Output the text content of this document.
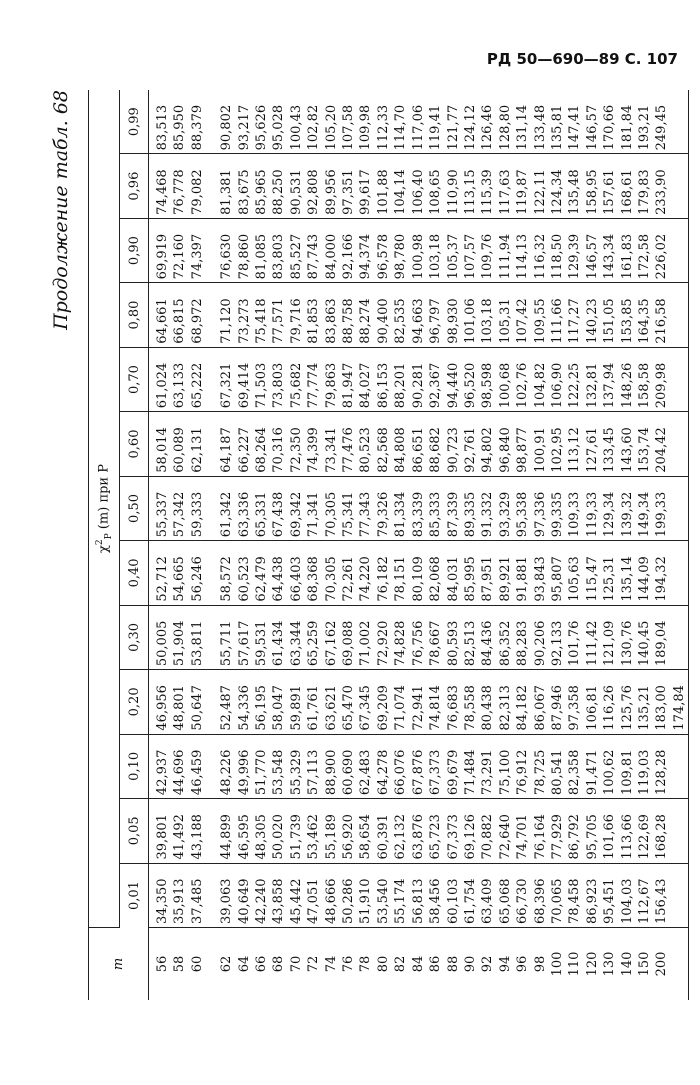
РД 50—690—89 С. 107
Продолжение табл. 68
m	$\chi^2_P$ (m) при P												
	0,01	0,05	0,10	0,20	0,30	0,40	0,50	0,60	0,70	0,80	0,90	0,96	0,99
56	34,350	39,801	42,937	46,956	50,005	52,712	55,337	58,014	61,024	64,661	69,919	74,468	83,513
58	35,913	41,492	44,696	48,801	51,904	54,665	57,342	60,089	63,133	66,815	72,160	76,778	85,950
60	37,485	43,188	46,459	50,647	53,811	56,246	59,333	62,131	65,222	68,972	74,397	79,082	88,379

62	39,063	44,899	48,226	52,487	55,711	58,572	61,342	64,187	67,321	71,120	76,630	81,381	90,802
64	40,649	46,595	49,996	54,336	57,617	60,523	63,336	66,227	69,414	73,273	78,860	83,675	93,217
66	42,240	48,305	51,770	56,195	59,531	62,479	65,331	68,264	71,503	75,418	81,085	85,965	95,626
68	43,858	50,020	53,548	58,047	61,434	64,438	67,438	70,316	73,803	77,571	83,803	88,250	95,028
70	45,442	51,739	55,329	59,891	63,344	66,403	69,342	72,350	75,682	79,716	85,527	90,531	100,43
72	47,051	53,462	57,113	61,761	65,259	68,368	71,341	74,399	77,774	81,853	87,743	92,808	102,82
74	48,666	55,189	88,900	63,621	67,162	70,305	70,305	73,341	79,863	83,863	84,000	89,956	105,20
76	50,286	56,920	60,690	65,470	69,088	72,261	75,341	77,476	81,947	88,758	92,166	97,351	107,58
78	51,910	58,654	62,483	67,345	71,002	74,220	77,343	80,523	84,027	88,274	94,374	99,617	109,98
80	53,540	60,391	64,278	69,209	72,920	76,182	79,326	82,568	86,153	90,400	96,578	101,88	112,33
82	55,174	62,132	66,076	71,074	74,828	78,151	81,334	84,808	88,201	82,535	98,780	104,14	114,70
84	56,813	63,876	67,876	72,941	76,756	80,109	83,339	86,651	90,281	94,663	100,98	106,40	117,06
86	58,456	65,723	67,373	74,814	78,667	82,068	85,333	88,682	92,367	96,797	103,18	108,65	119,41
88	60,103	67,373	69,679	76,683	80,593	84,031	87,339	90,723	94,440	98,930	105,37	110,90	121,77
90	61,754	69,126	71,484	78,558	82,513	85,995	89,335	92,761	96,520	101,06	107,57	113,15	124,12
92	63,409	70,882	73,291	80,438	84,436	87,951	91,332	94,802	98,598	103,18	109,76	115,39	126,46
94	65,068	72,640	75,100	82,313	86,352	89,921	93,329	96,840	100,68	105,31	111,94	117,63	128,80
96	66,730	74,701	76,912	84,182	88,283	91,881	95,338	98,877	102,76	107,42	114,13	119,87	131,14
98	68,396	76,164	78,725	86,067	90,206	93,843	97,336	100,91	104,82	109,55	116,32	122,11	133,48
100	70,065	77,929	80,541	87,946	92,133	95,807	99,335	102,95	106,90	111,66	118,50	124,34	135,81
110	78,458	86,792	82,358	97,358	101,76	105,63	109,33	113,12	122,25	117,27	129,39	135,48	147,41
120	86,923	95,705	91,471	106,81	111,42	115,47	119,33	127,61	132,81	140,23	146,57	158,95	146,57
130	95,451	101,66	100,62	116,26	121,09	125,31	129,34	133,45	137,94	151,05	143,34	157,61	170,66
140	104,03	113,66	109,81	125,76	130,76	135,14	139,32	143,60	148,26	153,85	161,83	168,61	181,84
150	112,67	122,69	119,03	135,21	140,45	144,09	149,34	153,74	158,58	164,35	172,58	179,83	193,21
200	156,43	168,28	128,28	183,00	189,04	194,32	199,33	204,42	209,98	216,58	226,02	233,90	249,45
				174,84									
